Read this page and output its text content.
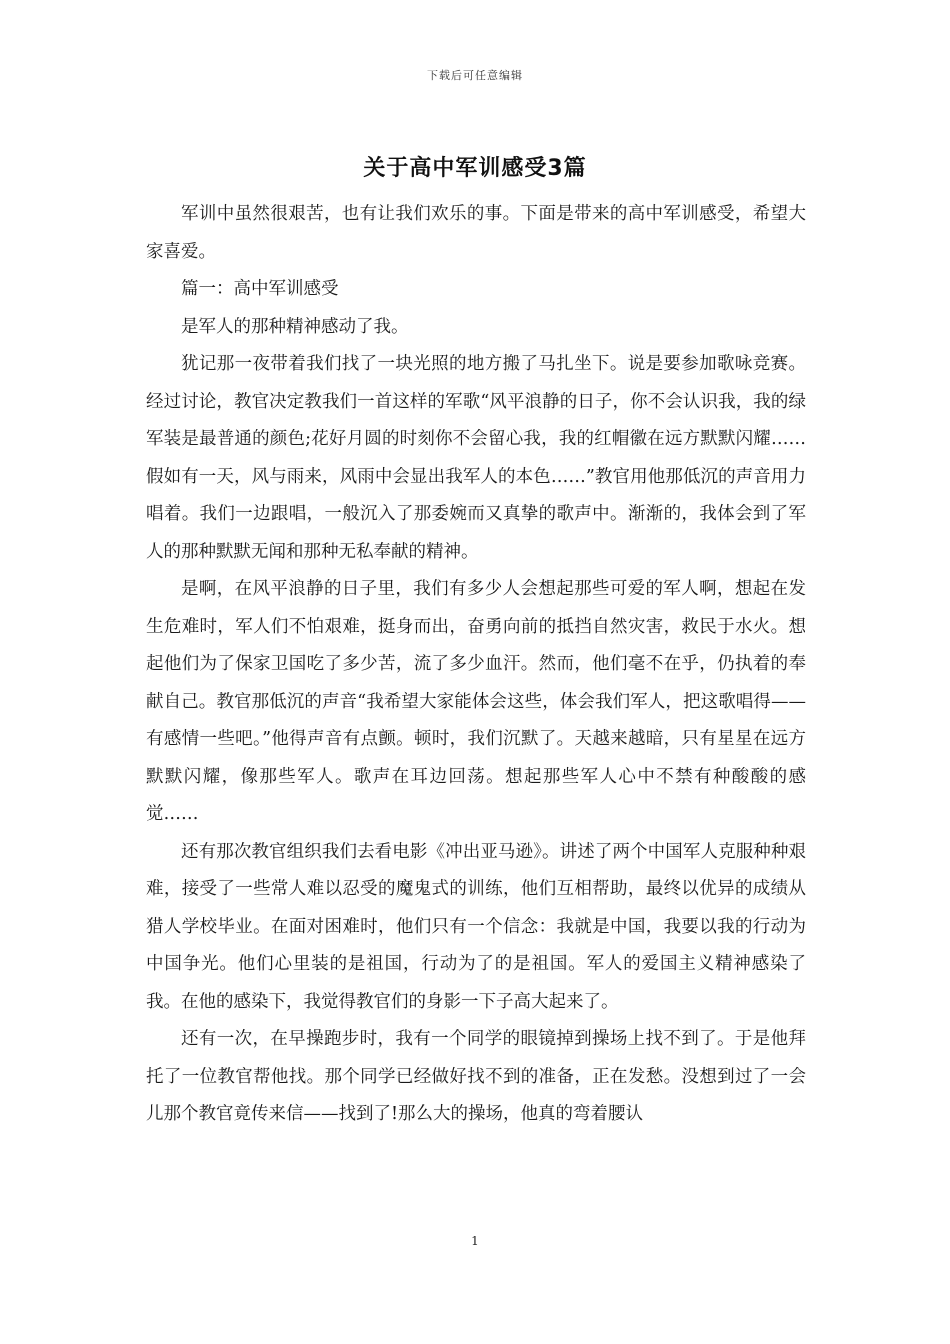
下载后可任意编辑
关于高中军训感受3篇

军训中虽然很艰苦，也有让我们欢乐的事。下面是带来的高中军训感受，希望大家喜爱。

篇一：高中军训感受

是军人的那种精神感动了我。

犹记那一夜带着我们找了一块光照的地方搬了马扎坐下。说是要参加歌咏竞赛。经过讨论，教官决定教我们一首这样的军歌“风平浪静的日子，你不会认识我，我的绿军装是最普通的颜色;花好月圆的时刻你不会留心我，我的红帽徽在远方默默闪耀……假如有一天，风与雨来，风雨中会显出我军人的本色……”教官用他那低沉的声音用力唱着。我们一边跟唱，一般沉入了那委婉而又真挚的歌声中。渐渐的，我体会到了军人的那种默默无闻和那种无私奉献的精神。

是啊，在风平浪静的日子里，我们有多少人会想起那些可爱的军人啊，想起在发生危难时，军人们不怕艰难，挺身而出，奋勇向前的抵挡自然灾害，救民于水火。想起他们为了保家卫国吃了多少苦，流了多少血汗。然而，他们毫不在乎，仍执着的奉献自己。教官那低沉的声音“我希望大家能体会这些，体会我们军人，把这歌唱得——有感情一些吧。”他得声音有点颤。顿时，我们沉默了。天越来越暗，只有星星在远方默默闪耀，像那些军人。歌声在耳边回荡。想起那些军人心中不禁有种酸酸的感觉……

还有那次教官组织我们去看电影《冲出亚马逊》。讲述了两个中国军人克服种种艰难，接受了一些常人难以忍受的魔鬼式的训练，他们互相帮助，最终以优异的成绩从猎人学校毕业。在面对困难时，他们只有一个信念：我就是中国，我要以我的行动为中国争光。他们心里装的是祖国，行动为了的是祖国。军人的爱国主义精神感染了我。在他的感染下，我觉得教官们的身影一下子高大起来了。

还有一次，在早操跑步时，我有一个同学的眼镜掉到操场上找不到了。于是他拜托了一位教官帮他找。那个同学已经做好找不到的准备，正在发愁。没想到过了一会儿那个教官竟传来信——找到了!那么大的操场，他真的弯着腰认

1
